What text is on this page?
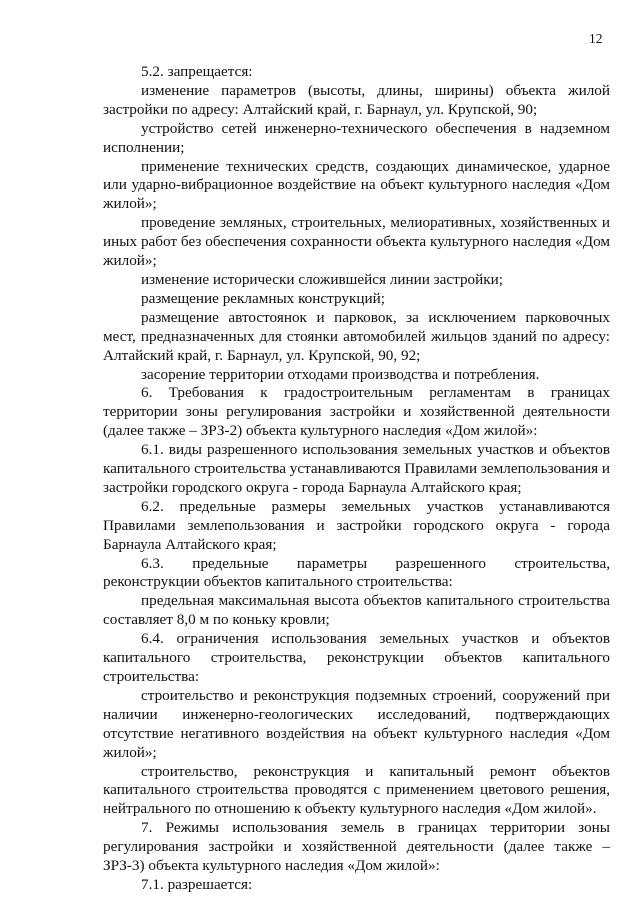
12

5.2. запрещается:

изменение параметров (высоты, длины, ширины) объекта жилой застройки по адресу: Алтайский край, г. Барнаул, ул. Крупской, 90;

устройство сетей инженерно-технического обеспечения в надземном исполнении;

применение технических средств, создающих динамическое, ударное или ударно-вибрационное воздействие на объект культурного наследия «Дом жилой»;

проведение земляных, строительных, мелиоративных, хозяйственных и иных работ без обеспечения сохранности объекта культурного наследия «Дом жилой»;

изменение исторически сложившейся линии застройки;

размещение рекламных конструкций;

размещение автостоянок и парковок, за исключением парковочных мест, предназначенных для стоянки автомобилей жильцов зданий по адресу: Алтайский край, г. Барнаул, ул. Крупской, 90, 92;

засорение территории отходами производства и потребления.

6. Требования к градостроительным регламентам в границах территории зоны регулирования застройки и хозяйственной деятельности (далее также – ЗРЗ-2) объекта культурного наследия «Дом жилой»:

6.1. виды разрешенного использования земельных участков и объектов капитального строительства устанавливаются Правилами землепользования и застройки городского округа - города Барнаула Алтайского края;

6.2. предельные размеры земельных участков устанавливаются Правилами землепользования и застройки городского округа - города Барнаула Алтайского края;

6.3. предельные параметры разрешенного строительства, реконструкции объектов капитального строительства:

предельная максимальная высота объектов капитального строительства составляет 8,0 м по коньку кровли;

6.4. ограничения использования земельных участков и объектов капитального строительства, реконструкции объектов капитального строительства:

строительство и реконструкция подземных строений, сооружений при наличии инженерно-геологических исследований, подтверждающих отсутствие негативного воздействия на объект культурного наследия «Дом жилой»;

строительство, реконструкция и капитальный ремонт объектов капитального строительства проводятся с применением цветового решения, нейтрального по отношению к объекту культурного наследия «Дом жилой».

7. Режимы использования земель в границах территории зоны регулирования застройки и хозяйственной деятельности (далее также – ЗРЗ-3) объекта культурного наследия «Дом жилой»:

7.1. разрешается:
